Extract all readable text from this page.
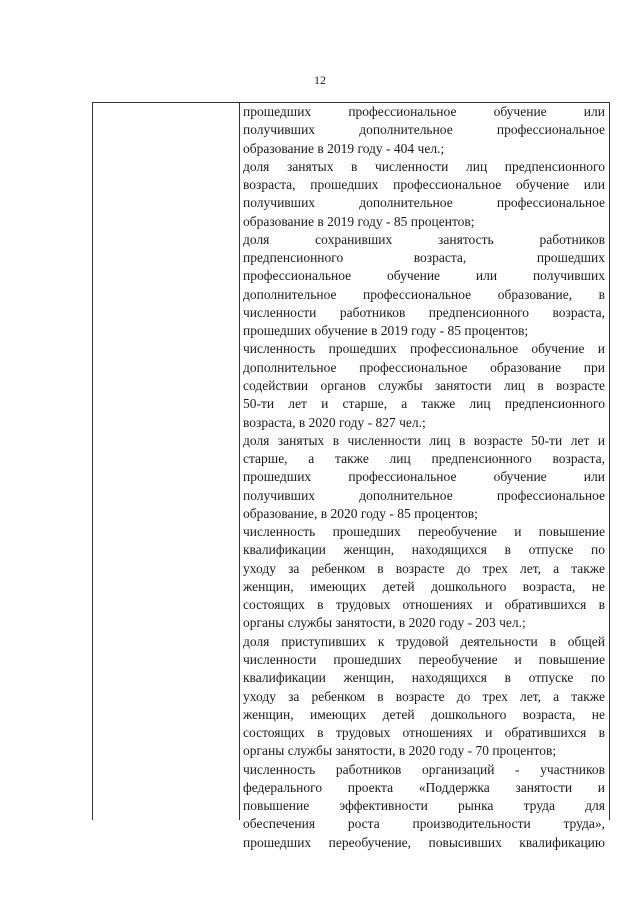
12
прошедших профессиональное обучение или
получивших дополнительное профессиональное
образование в 2019 году - 404 чел.;
доля занятых в численности лиц предпенсионного
возраста, прошедших профессиональное обучение или
получивших дополнительное профессиональное
образование в 2019 году - 85 процентов;
доля сохранивших занятость работников
предпенсионного возраста, прошедших
профессиональное обучение или получивших
дополнительное профессиональное образование, в
численности работников предпенсионного возраста,
прошедших обучение в 2019 году - 85 процентов;
численность прошедших профессиональное обучение и
дополнительное профессиональное образование при
содействии органов службы занятости лиц в возрасте
50-ти лет и старше, а также лиц предпенсионного
возраста, в 2020 году - 827 чел.;
доля занятых в численности лиц в возрасте 50-ти лет и
старше, а также лиц предпенсионного возраста,
прошедших профессиональное обучение или
получивших дополнительное профессиональное
образование, в 2020 году - 85 процентов;
численность прошедших переобучение и повышение
квалификации женщин, находящихся в отпуске по
уходу за ребенком в возрасте до трех лет, а также
женщин, имеющих детей дошкольного возраста, не
состоящих в трудовых отношениях и обратившихся в
органы службы занятости, в 2020 году - 203 чел.;
доля приступивших к трудовой деятельности в общей
численности прошедших переобучение и повышение
квалификации женщин, находящихся в отпуске по
уходу за ребенком в возрасте до трех лет, а также
женщин, имеющих детей дошкольного возраста, не
состоящих в трудовых отношениях и обратившихся в
органы службы занятости, в 2020 году - 70 процентов;
численность работников организаций - участников
федерального проекта «Поддержка занятости и
повышение эффективности рынка труда для
обеспечения роста производительности труда»,
прошедших переобучение, повысивших квалификацию
